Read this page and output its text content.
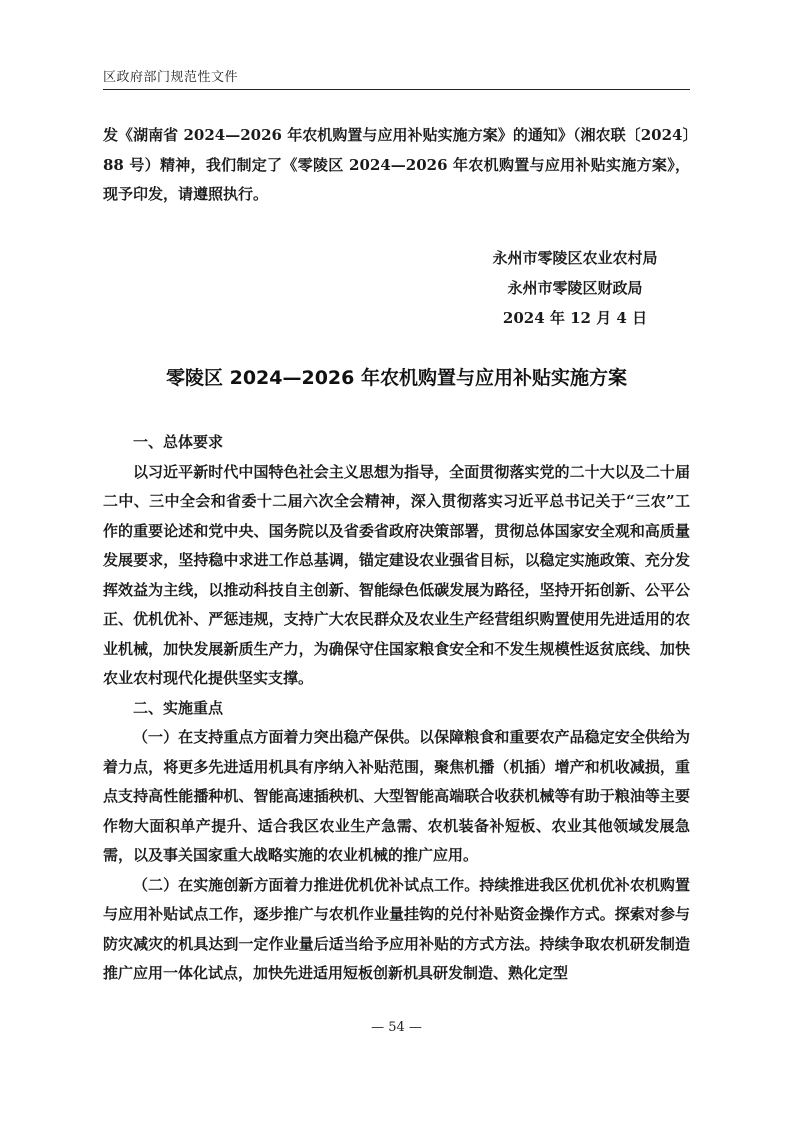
区政府部门规范性文件

发《湖南省 2024—2026 年农机购置与应用补贴实施方案》的通知》（湘农联〔2024〕88 号）精神，我们制定了《零陵区 2024—2026 年农机购置与应用补贴实施方案》，现予印发，请遵照执行。

永州市零陵区农业农村局
永州市零陵区财政局
2024 年 12 月 4 日
零陵区 2024—2026 年农机购置与应用补贴实施方案

一、总体要求

以习近平新时代中国特色社会主义思想为指导，全面贯彻落实党的二十大以及二十届二中、三中全会和省委十二届六次全会精神，深入贯彻落实习近平总书记关于“三农”工作的重要论述和党中央、国务院以及省委省政府决策部署，贯彻总体国家安全观和高质量发展要求，坚持稳中求进工作总基调，锚定建设农业强省目标，以稳定实施政策、充分发挥效益为主线，以推动科技自主创新、智能绿色低碳发展为路径，坚持开拓创新、公平公正、优机优补、严惩违规，支持广大农民群众及农业生产经营组织购置使用先进适用的农业机械，加快发展新质生产力，为确保守住国家粮食安全和不发生规模性返贫底线、加快农业农村现代化提供坚实支撑。

二、实施重点

（一）在支持重点方面着力突出稳产保供。以保障粮食和重要农产品稳定安全供给为着力点，将更多先进适用机具有序纳入补贴范围，聚焦机播（机插）增产和机收减损，重点支持高性能播种机、智能高速插秧机、大型智能高端联合收获机械等有助于粮油等主要作物大面积单产提升、适合我区农业生产急需、农机装备补短板、农业其他领域发展急需，以及事关国家重大战略实施的农业机械的推广应用。

（二）在实施创新方面着力推进优机优补试点工作。持续推进我区优机优补农机购置与应用补贴试点工作，逐步推广与农机作业量挂钩的兑付补贴资金操作方式。探索对参与防灾减灾的机具达到一定作业量后适当给予应用补贴的方式方法。持续争取农机研发制造推广应用一体化试点，加快先进适用短板创新机具研发制造、熟化定型

— 54 —
